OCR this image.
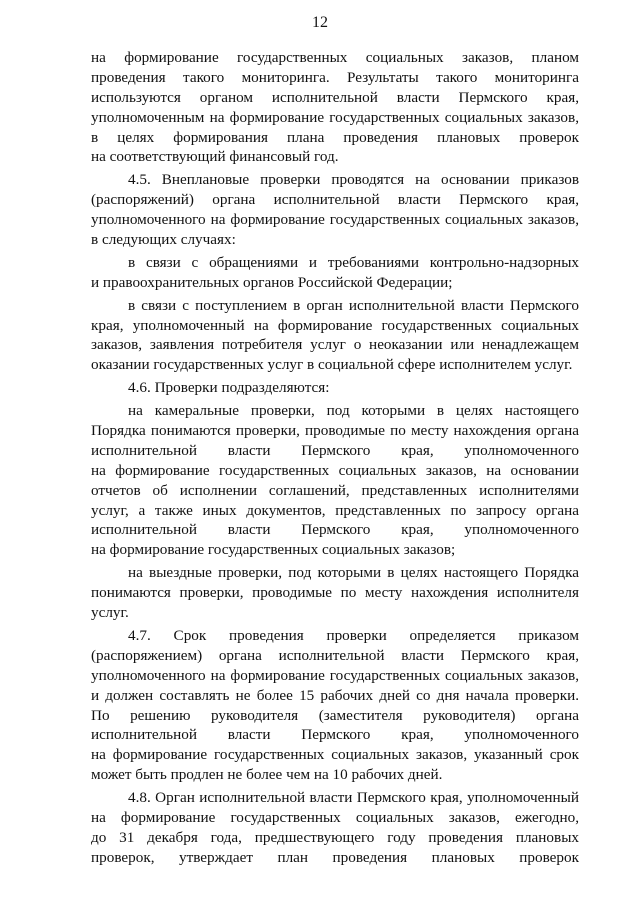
12
на формирование государственных социальных заказов, планом
проведения такого мониторинга. Результаты такого мониторинга
используются органом исполнительной власти Пермского края,
уполномоченным на формирование государственных социальных заказов,
в целях формирования плана проведения плановых проверок
на соответствующий финансовый год.
4.5. Внеплановые проверки проводятся на основании приказов
(распоряжений) органа исполнительной власти Пермского края,
уполномоченного на формирование государственных социальных заказов,
в следующих случаях:
в связи с обращениями и требованиями контрольно-надзорных
и правоохранительных органов Российской Федерации;
в связи с поступлением в орган исполнительной власти Пермского
края, уполномоченный на формирование государственных социальных
заказов, заявления потребителя услуг о неоказании или ненадлежащем
оказании государственных услуг в социальной сфере исполнителем услуг.
4.6. Проверки подразделяются:
на камеральные проверки, под которыми в целях настоящего
Порядка понимаются проверки, проводимые по месту нахождения органа
исполнительной власти Пермского края, уполномоченного
на формирование государственных социальных заказов, на основании
отчетов об исполнении соглашений, представленных исполнителями
услуг, а также иных документов, представленных по запросу органа
исполнительной власти Пермского края, уполномоченного
на формирование государственных социальных заказов;
на выездные проверки, под которыми в целях настоящего Порядка
понимаются проверки, проводимые по месту нахождения исполнителя
услуг.
4.7. Срок проведения проверки определяется приказом
(распоряжением) органа исполнительной власти Пермского края,
уполномоченного на формирование государственных социальных заказов,
и должен составлять не более 15 рабочих дней со дня начала проверки.
По решению руководителя (заместителя руководителя) органа
исполнительной власти Пермского края, уполномоченного
на формирование государственных социальных заказов, указанный срок
может быть продлен не более чем на 10 рабочих дней.
4.8. Орган исполнительной власти Пермского края, уполномоченный
на формирование государственных социальных заказов, ежегодно,
до 31 декабря года, предшествующего году проведения плановых
проверок, утверждает план проведения плановых проверок
